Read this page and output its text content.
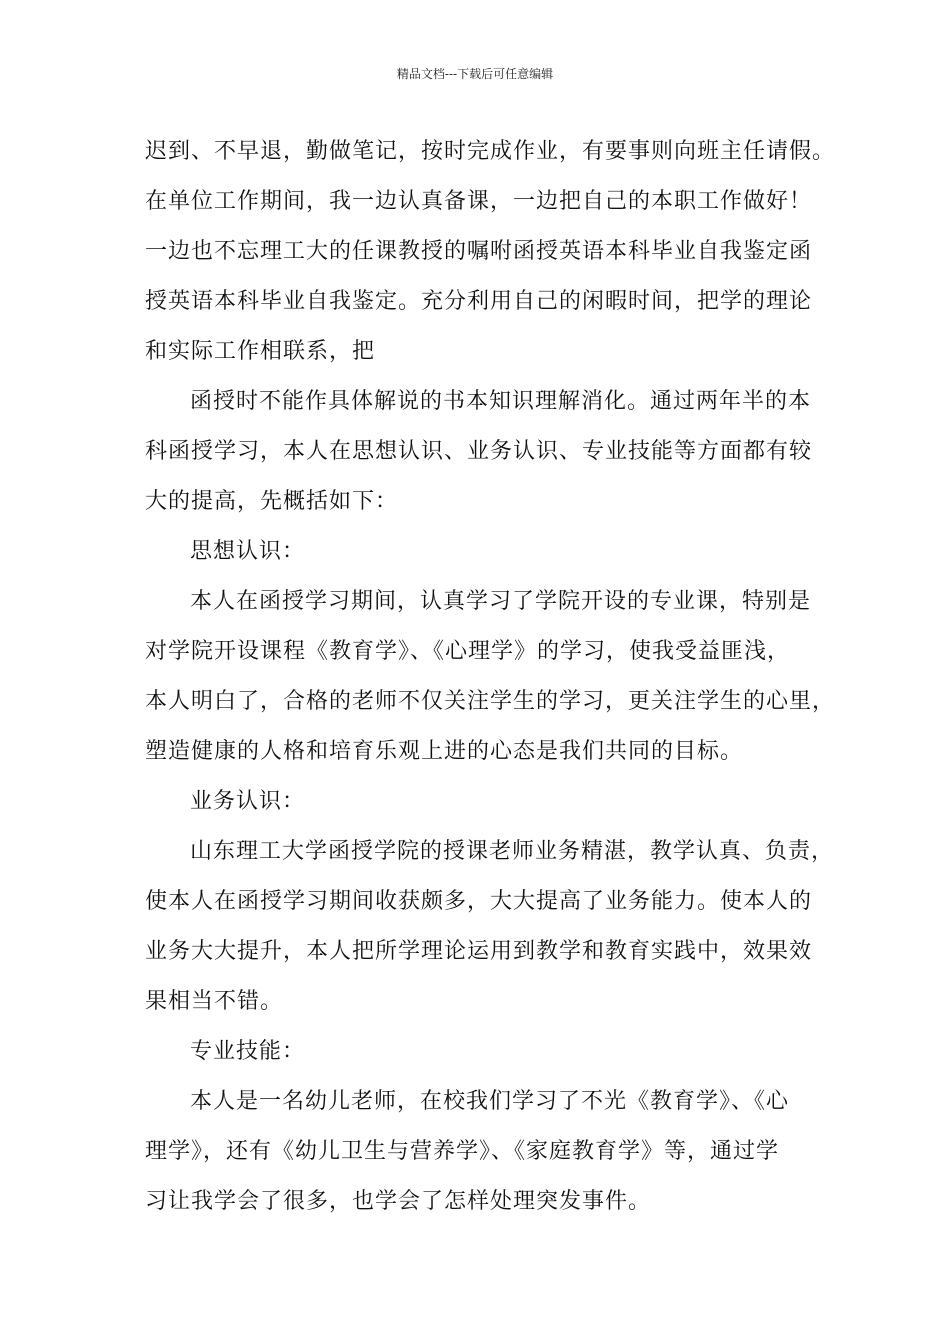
精品文档---下载后可任意编辑
迟到、不早退，勤做笔记，按时完成作业，有要事则向班主任请假。
在单位工作期间，我一边认真备课，一边把自己的本职工作做好！
一边也不忘理工大的任课教授的嘱咐函授英语本科毕业自我鉴定函
授英语本科毕业自我鉴定。充分利用自己的闲暇时间，把学的理论
和实际工作相联系，把
函授时不能作具体解说的书本知识理解消化。通过两年半的本
科函授学习，本人在思想认识、业务认识、专业技能等方面都有较
大的提高，先概括如下：
思想认识：
本人在函授学习期间，认真学习了学院开设的专业课，特别是
对学院开设课程《教育学》、《心理学》的学习，使我受益匪浅，
本人明白了，合格的老师不仅关注学生的学习，更关注学生的心里，
塑造健康的人格和培育乐观上进的心态是我们共同的目标。
业务认识：
山东理工大学函授学院的授课老师业务精湛，教学认真、负责，
使本人在函授学习期间收获颇多，大大提高了业务能力。使本人的
业务大大提升，本人把所学理论运用到教学和教育实践中，效果效
果相当不错。
专业技能：
本人是一名幼儿老师，在校我们学习了不光《教育学》、《心
理学》，还有《幼儿卫生与营养学》、《家庭教育学》等，通过学
习让我学会了很多，也学会了怎样处理突发事件。
